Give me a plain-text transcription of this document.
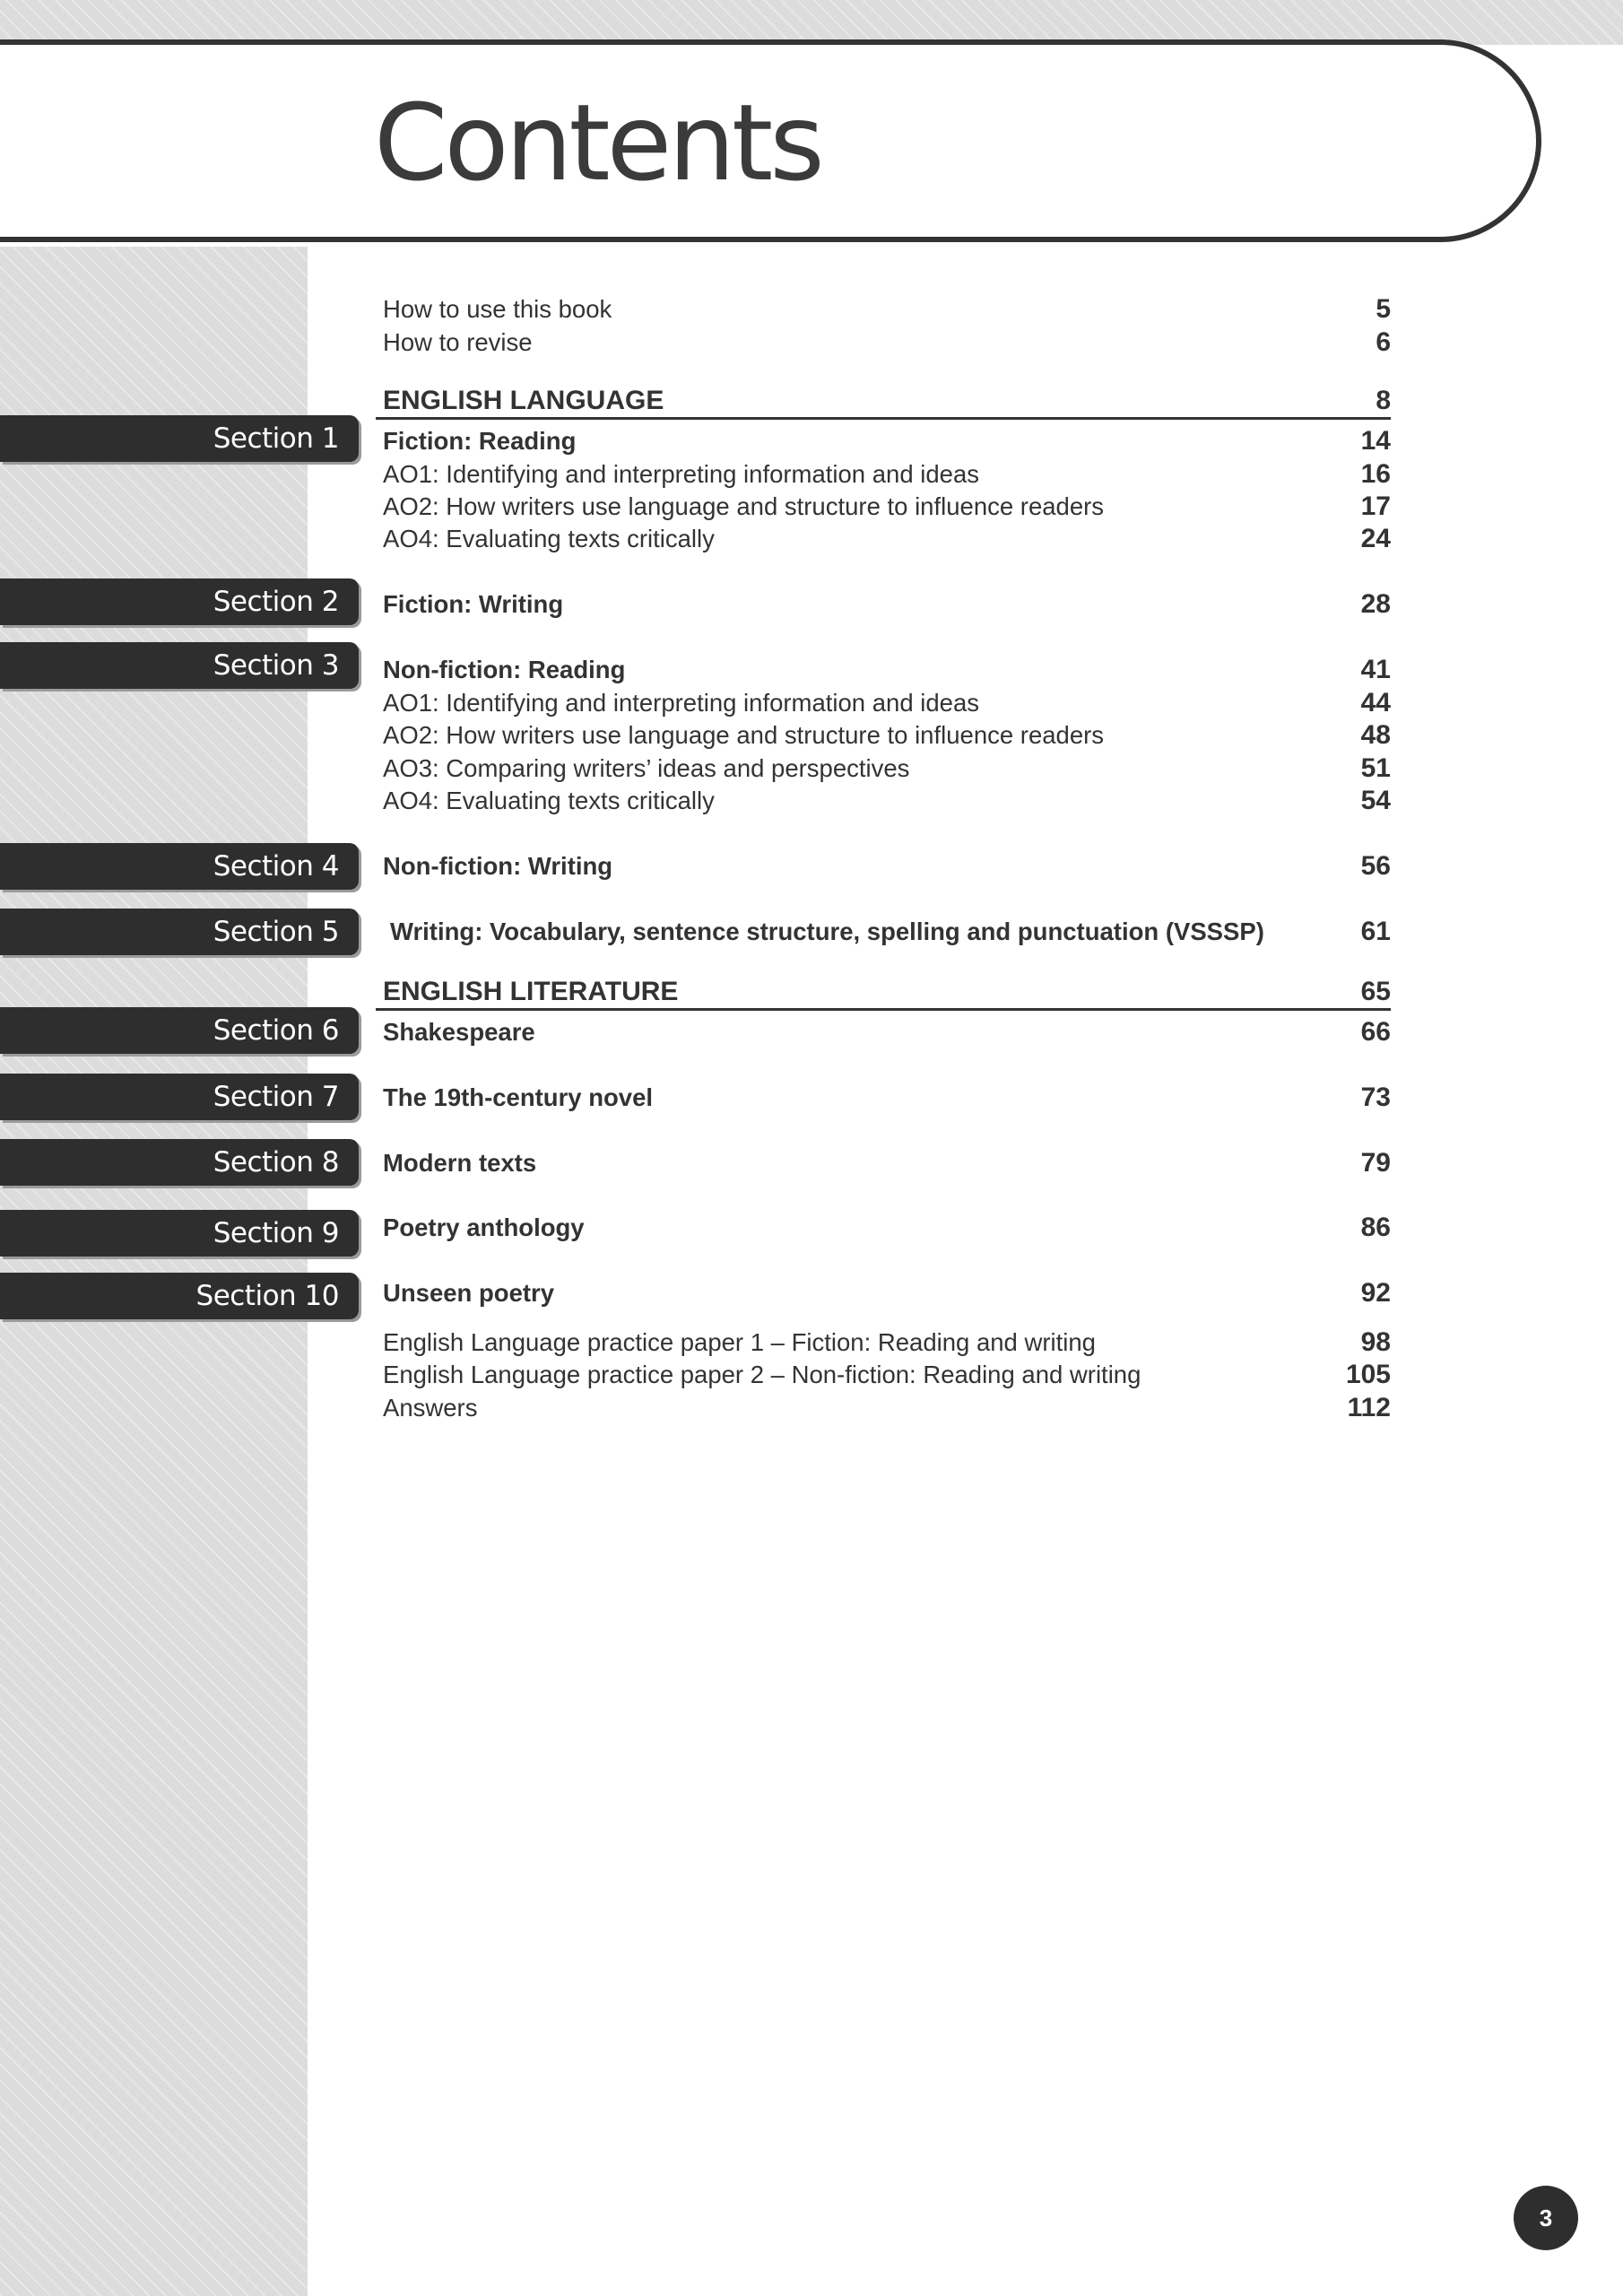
Contents
Section 1
Section 2
Section 3
Section 4
Section 5
Section 6
Section 7
Section 8
Section 9
Section 10
How to use this book	5
How to revise	6
ENGLISH LANGUAGE	8
Fiction: Reading	14
AO1: Identifying and interpreting information and ideas	16
AO2: How writers use language and structure to influence readers	17
AO4: Evaluating texts critically	24
Fiction: Writing	28
Non-fiction: Reading	41
AO1: Identifying and interpreting information and ideas	44
AO2: How writers use language and structure to influence readers	48
AO3: Comparing writers’ ideas and perspectives	51
AO4: Evaluating texts critically	54
Non-fiction: Writing	56
Writing: Vocabulary, sentence structure, spelling and punctuation (VSSSP)	61
ENGLISH LITERATURE	65
Shakespeare	66
The 19th-century novel	73
Modern texts	79
Poetry anthology	86
Unseen poetry	92
English Language practice paper 1 – Fiction: Reading and writing	98
English Language practice paper 2 – Non-fiction: Reading and writing	105
Answers	112
3
